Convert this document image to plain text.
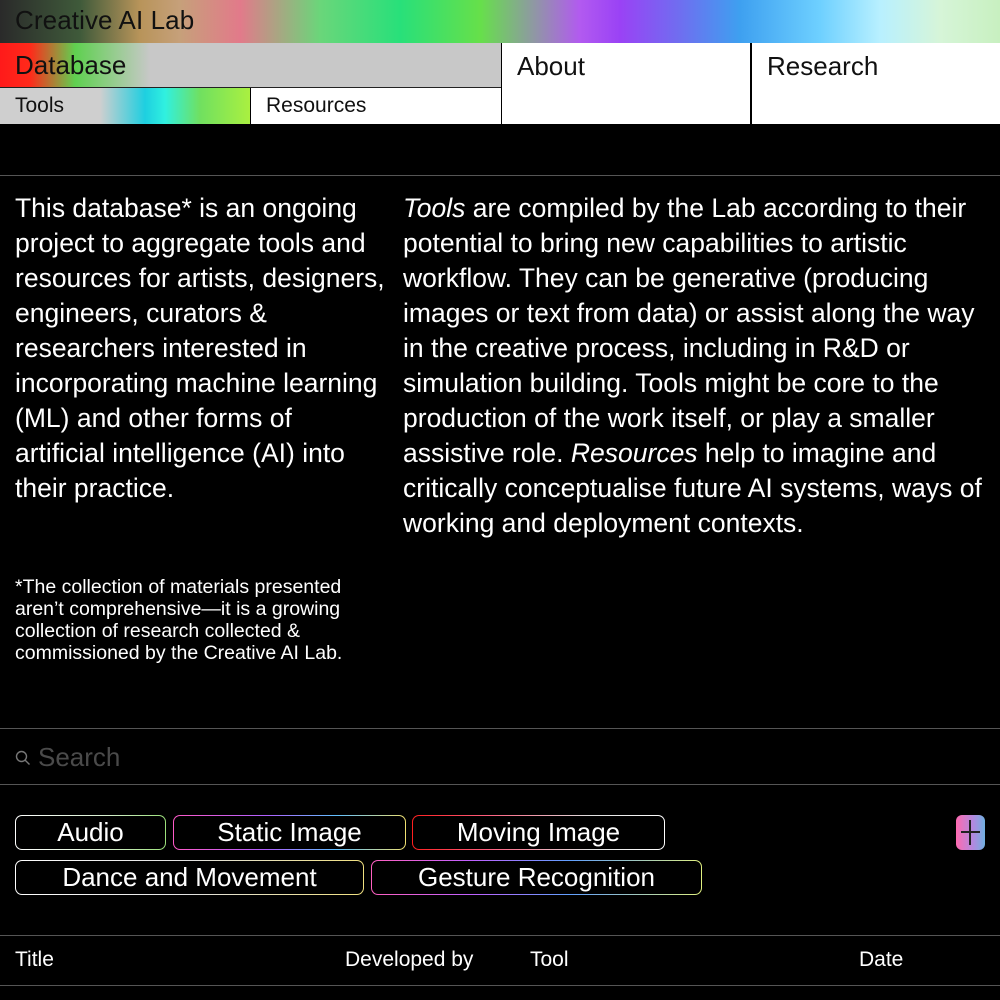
Creative AI Lab
Database
Tools	Resources
About	Research

This database* is an ongoing project to aggregate tools and resources for artists, designers, engineers, curators & researchers interested in incorporating machine learning (ML) and other forms of artificial intelligence (AI) into their practice.

*The collection of materials presented aren’t comprehensive—it is a growing collection of research collected & commissioned by the Creative AI Lab.

Tools are compiled by the Lab according to their potential to bring new capabilities to artistic workflow. They can be generative (producing images or text from data) or assist along the way in the creative process, including in R&D or simulation building. Tools might be core to the production of the work itself, or play a smaller assistive role. Resources help to imagine and critically conceptualise future AI systems, ways of working and deployment contexts.

Search
Audio	Static Image	Moving Image
Dance and Movement	Gesture Recognition
Title	Developed by	Tool	Date
